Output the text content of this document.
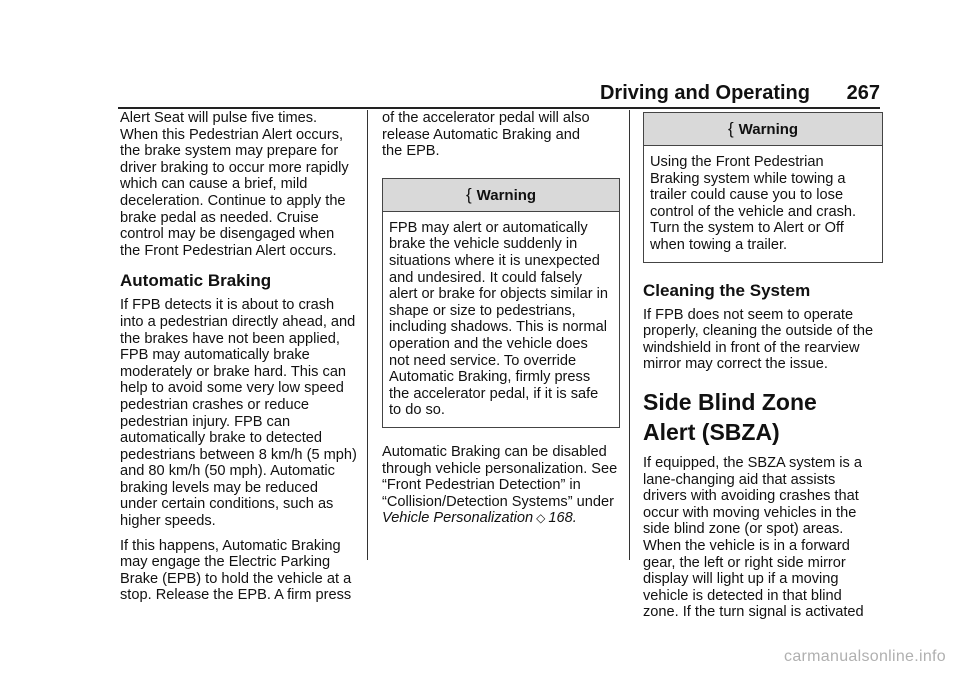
Driving and Operating 267
Alert Seat will pulse five times.
When this Pedestrian Alert occurs,
the brake system may prepare for
driver braking to occur more rapidly
which can cause a brief, mild
deceleration. Continue to apply the
brake pedal as needed. Cruise
control may be disengaged when
the Front Pedestrian Alert occurs.
Automatic Braking
If FPB detects it is about to crash
into a pedestrian directly ahead, and
the brakes have not been applied,
FPB may automatically brake
moderately or brake hard. This can
help to avoid some very low speed
pedestrian crashes or reduce
pedestrian injury. FPB can
automatically brake to detected
pedestrians between 8 km/h (5 mph)
and 80 km/h (50 mph). Automatic
braking levels may be reduced
under certain conditions, such as
higher speeds.
If this happens, Automatic Braking
may engage the Electric Parking
Brake (EPB) to hold the vehicle at a
stop. Release the EPB. A firm press
of the accelerator pedal will also
release Automatic Braking and
the EPB.
{ Warning
FPB may alert or automatically
brake the vehicle suddenly in
situations where it is unexpected
and undesired. It could falsely
alert or brake for objects similar in
shape or size to pedestrians,
including shadows. This is normal
operation and the vehicle does
not need service. To override
Automatic Braking, firmly press
the accelerator pedal, if it is safe
to do so.
Automatic Braking can be disabled
through vehicle personalization. See
“Front Pedestrian Detection” in
“Collision/Detection Systems” under
Vehicle Personalization ◇ 168.
{ Warning
Using the Front Pedestrian
Braking system while towing a
trailer could cause you to lose
control of the vehicle and crash.
Turn the system to Alert or Off
when towing a trailer.
Cleaning the System
If FPB does not seem to operate
properly, cleaning the outside of the
windshield in front of the rearview
mirror may correct the issue.
Side Blind Zone
Alert (SBZA)
If equipped, the SBZA system is a
lane-changing aid that assists
drivers with avoiding crashes that
occur with moving vehicles in the
side blind zone (or spot) areas.
When the vehicle is in a forward
gear, the left or right side mirror
display will light up if a moving
vehicle is detected in that blind
zone. If the turn signal is activated
carmanualsonline.info
